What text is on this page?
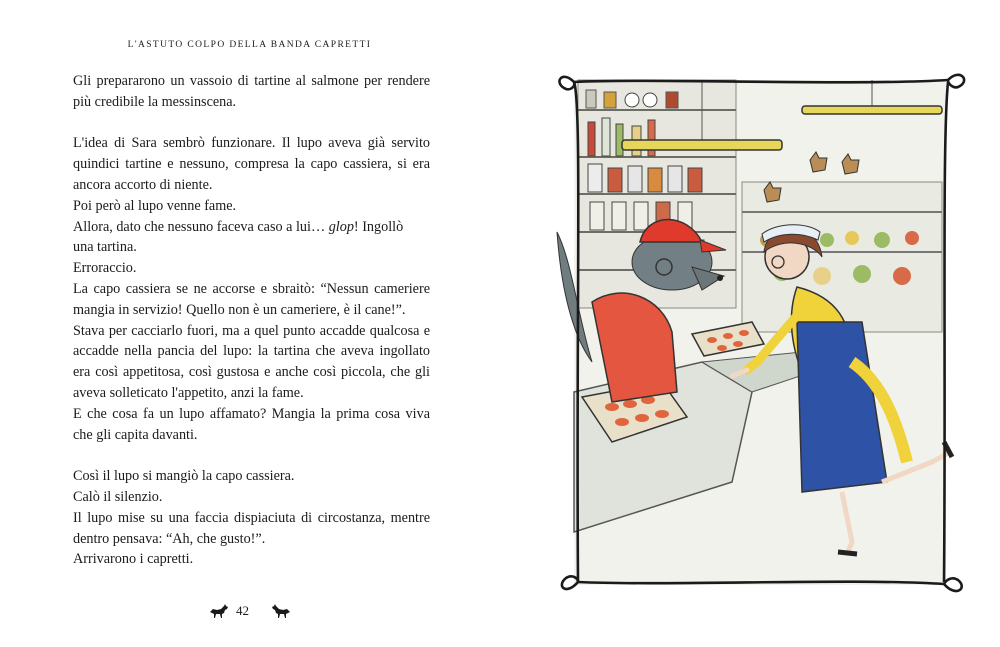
L'ASTUTO COLPO DELLA BANDA CAPRETTI

Gli prepararono un vassoio di tartine al salmone per rendere più credibile la messinscena.

L'idea di Sara sembrò funzionare. Il lupo aveva già servito quindici tartine e nessuno, compresa la capo cassiera, si era ancora accorto di niente.

Poi però al lupo venne fame.

Allora, dato che nessuno faceva caso a lui… glop! Ingollò
una tartina.

Erroraccio.

La capo cassiera se ne accorse e sbraitò: “Nessun cameriere mangia in servizio! Quello non è un cameriere, è il cane!”.

Stava per cacciarlo fuori, ma a quel punto accadde qualcosa e accadde nella pancia del lupo: la tartina che aveva ingollato era così appetitosa, così gustosa e anche così piccola, che gli aveva solleticato l'appetito, anzi la fame.

E che cosa fa un lupo affamato? Mangia la prima cosa viva che gli capita davanti.

Così il lupo si mangiò la capo cassiera.

Calò il silenzio.

Il lupo mise su una faccia dispiaciuta di circostanza, mentre dentro pensava: “Ah, che gusto!”.

Arrivarono i capretti.

42
